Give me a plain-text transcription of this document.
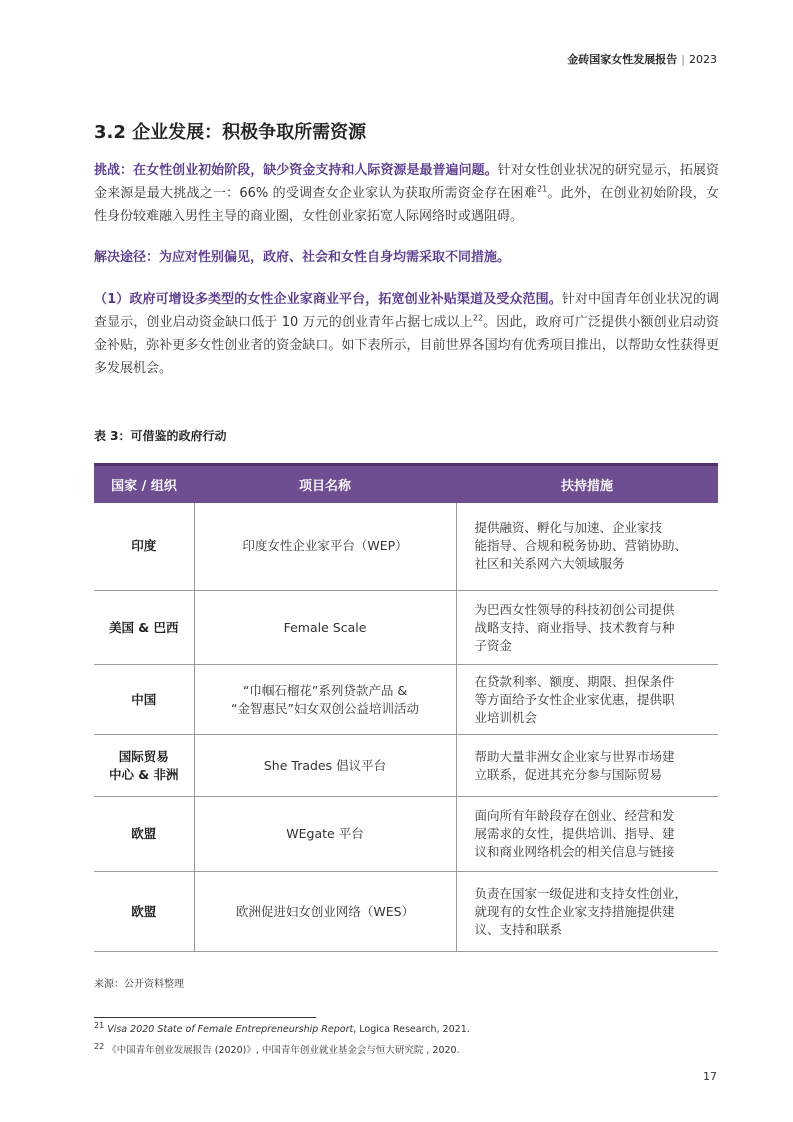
金砖国家女性发展报告 | 2023
3.2 企业发展：积极争取所需资源

挑战：在女性创业初始阶段，缺少资金支持和人际资源是最普遍问题。针对女性创业状况的研究显示，拓展资金来源是最大挑战之一：66% 的受调查女企业家认为获取所需资金存在困难$^{21}$。此外，在创业初始阶段，女性身份较难融入男性主导的商业圈，女性创业家拓宽人际网络时或遇阻碍。

解决途径：为应对性别偏见，政府、社会和女性自身均需采取不同措施。

（1）政府可增设多类型的女性企业家商业平台，拓宽创业补贴渠道及受众范围。针对中国青年创业状况的调查显示，创业启动资金缺口低于 10 万元的创业青年占据七成以上$^{22}$。因此，政府可广泛提供小额创业启动资金补贴，弥补更多女性创业者的资金缺口。如下表所示，目前世界各国均有优秀项目推出，以帮助女性获得更多发展机会。

表 3：可借鉴的政府行动
国家 / 组织	项目名称	扶持措施

印度	印度女性企业家平台（WEP）	提供融资、孵化与加速、企业家技
能指导、合规和税务协助、营销协助、
社区和关系网六大领域服务

美国 & 巴西	Female Scale	为巴西女性领导的科技初创公司提供
战略支持、商业指导、技术教育与种
子资金

中国	“巾帼石榴花”系列贷款产品 &
“金智惠民”妇女双创公益培训活动	在贷款利率、额度、期限、担保条件
等方面给予女性企业家优惠，提供职
业培训机会

国际贸易
中心 & 非洲	She Trades 倡议平台	帮助大量非洲女企业家与世界市场建
立联系，促进其充分参与国际贸易

欧盟	WEgate 平台	面向所有年龄段存在创业、经营和发
展需求的女性，提供培训、指导、建
议和商业网络机会的相关信息与链接

欧盟	欧洲促进妇女创业网络（WES）	负责在国家一级促进和支持女性创业，
就现有的女性企业家支持措施提供建
议、支持和联系
来源：公开资料整理
$^{21}$ Visa 2020 State of Female Entrepreneurship Report, Logica Research, 2021.
$^{22}$ 《中国青年创业发展报告 (2020)》, 中国青年创业就业基金会与恒大研究院 , 2020.
17
